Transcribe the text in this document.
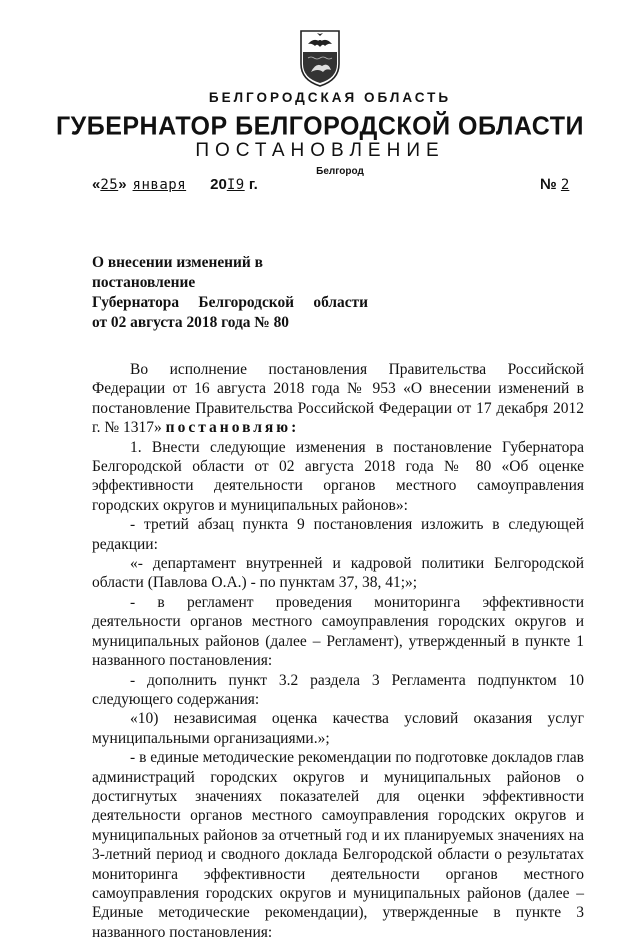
БЕЛГОРОДСКАЯ ОБЛАСТЬ
ГУБЕРНАТОР БЕЛГОРОДСКОЙ ОБЛАСТИ
ПОСТАНОВЛЕНИЕ
Белгород
«25» января 20I9 г.	№ 2
О внесении изменений в постановление
Губернатора Белгородской области
от 02 августа 2018 года № 80

Во исполнение постановления Правительства Российской Федерации от 16 августа 2018 года № 953 «О внесении изменений в постановление Правительства Российской Федерации от 17 декабря 2012 г. № 1317» постановляю:

1. Внести следующие изменения в постановление Губернатора Белгородской области от 02 августа 2018 года № 80 «Об оценке эффективности деятельности органов местного самоуправления городских округов и муниципальных районов»:

- третий абзац пункта 9 постановления изложить в следующей редакции:

«- департамент внутренней и кадровой политики Белгородской области (Павлова О.А.) - по пунктам 37, 38, 41;»;

- в регламент проведения мониторинга эффективности деятельности органов местного самоуправления городских округов и муниципальных районов (далее – Регламент), утвержденный в пункте 1 названного постановления:

- дополнить пункт 3.2 раздела 3 Регламента подпунктом 10 следующего содержания:

«10) независимая оценка качества условий оказания услуг муниципальными организациями.»;

- в единые методические рекомендации по подготовке докладов глав администраций городских округов и муниципальных районов о достигнутых значениях показателей для оценки эффективности деятельности органов местного самоуправления городских округов и муниципальных районов за отчетный год и их планируемых значениях на 3-летний период и сводного доклада Белгородской области о результатах мониторинга эффективности деятельности органов местного самоуправления городских округов и муниципальных районов (далее – Единые методические рекомендации), утвержденные в пункте 3 названного постановления:
